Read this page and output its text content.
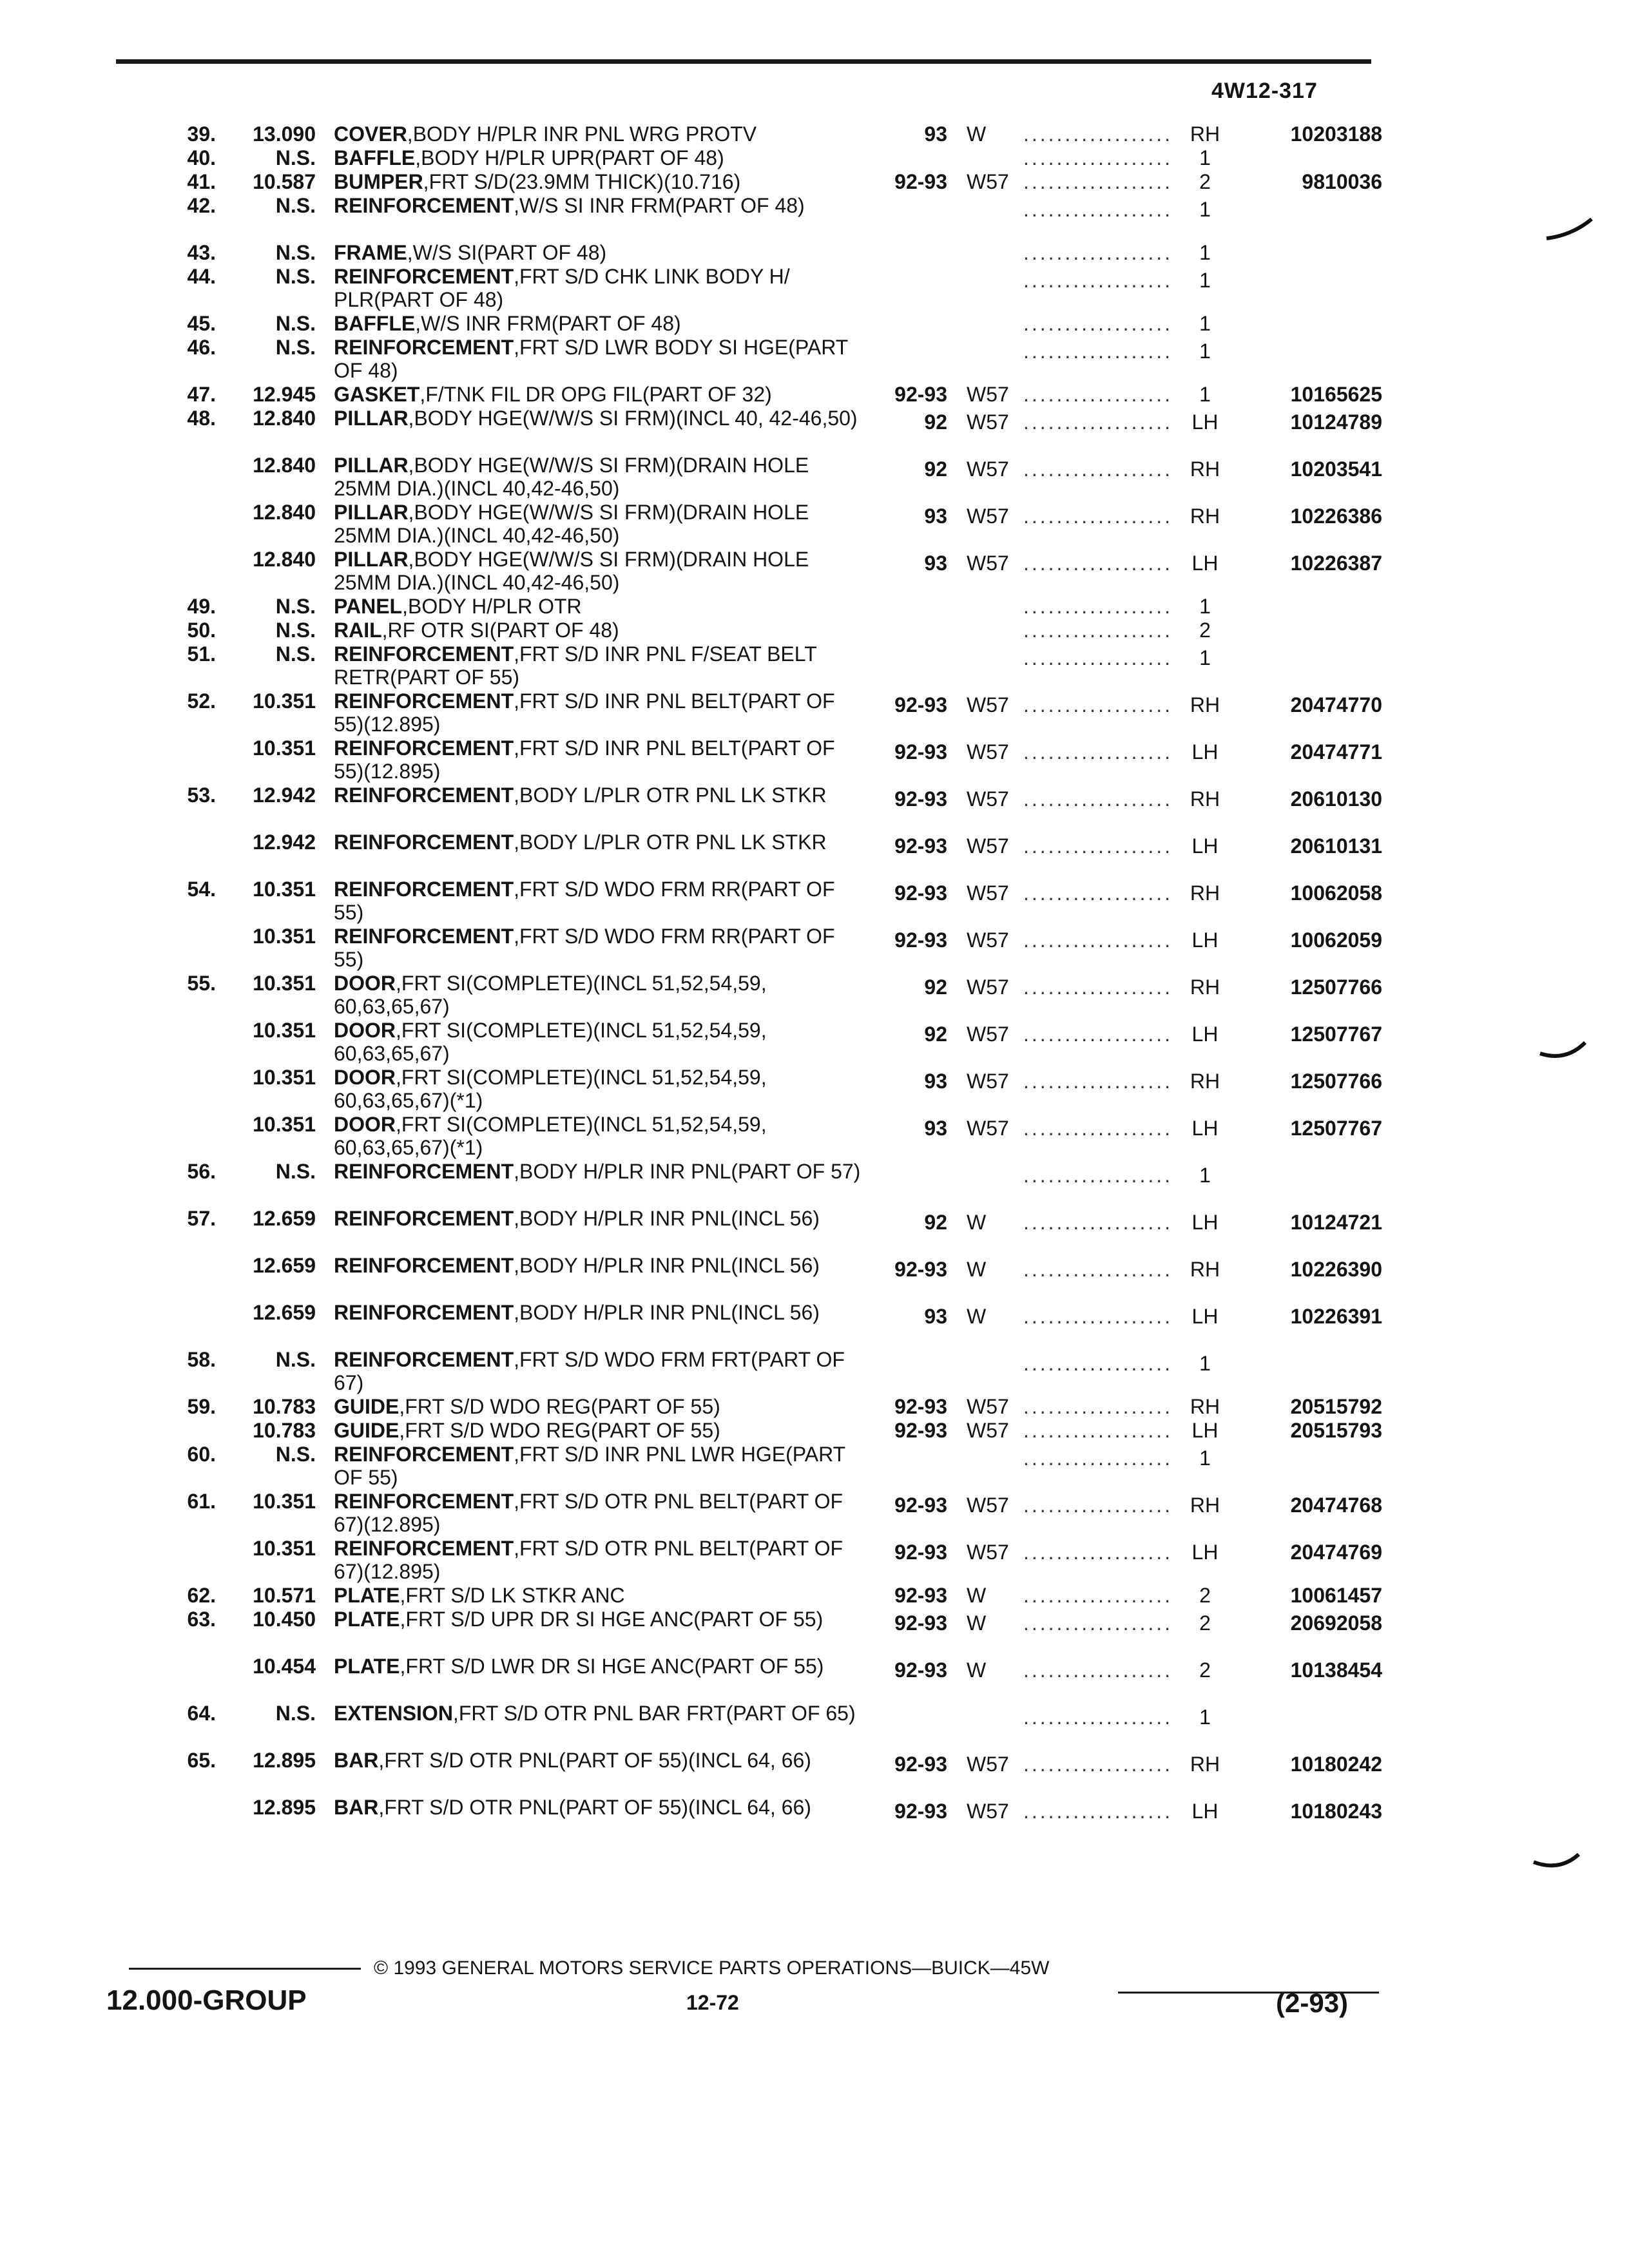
4W12-317
39.	13.090 COVER,BODY H/PLR INR PNL WRG PROTV	93 W	.................. RH	10203188
40.	N.S. BAFFLE,BODY H/PLR UPR(PART OF 48)	..................	1
41.	10.587 BUMPER,FRT S/D(23.9MM THICK)(10.716)	92-93 W57 ..................	2	9810036
42.	N.S. REINFORCEMENT,W/S SI INR FRM(PART OF 48)	..................	1
43.	N.S. FRAME,W/S SI(PART OF 48)	..................	1
44.	N.S. REINFORCEMENT,FRT S/D CHK LINK BODY H/ PLR(PART OF 48)
..................	1
45.	N.S. BAFFLE,W/S INR FRM(PART OF 48)	..................	1
46.	N.S. REINFORCEMENT,FRT S/D LWR BODY SI HGE(PART OF 48)
..................	1
47.	12.945 GASKET,F/TNK FIL DR OPG FIL(PART OF 32)	92-93 W57 ..................	1	10165625
48.	12.840 PILLAR,BODY HGE(W/W/S SI FRM)(INCL 40, 42-46,50)	92 W57 .................. LH	10124789
12.840 PILLAR,BODY HGE(W/W/S SI FRM)(DRAIN HOLE 25MM DIA.)(INCL 40,42-46,50)
92 W57 .................. RH	10203541
12.840 PILLAR,BODY HGE(W/W/S SI FRM)(DRAIN HOLE 25MM DIA.)(INCL 40,42-46,50)
93 W57 .................. RH	10226386
12.840 PILLAR,BODY HGE(W/W/S SI FRM)(DRAIN HOLE 25MM DIA.)(INCL 40,42-46,50)
93 W57 .................. LH	10226387
49.	N.S. PANEL,BODY H/PLR OTR	..................	1
50.	N.S. RAIL,RF OTR SI(PART OF 48)	..................	2
51.	N.S. REINFORCEMENT,FRT S/D INR PNL F/SEAT BELT RETR(PART OF 55)
..................	1
52.	10.351 REINFORCEMENT,FRT S/D INR PNL BELT(PART OF 55)(12.895)
92-93 W57 .................. RH	20474770
10.351 REINFORCEMENT,FRT S/D INR PNL BELT(PART OF 55)(12.895)
92-93 W57 .................. LH	20474771
53.	12.942 REINFORCEMENT,BODY L/PLR OTR PNL LK STKR	92-93 W57 .................. RH	20610130
12.942 REINFORCEMENT,BODY L/PLR OTR PNL LK STKR	92-93 W57 .................. LH	20610131
54.	10.351 REINFORCEMENT,FRT S/D WDO FRM RR(PART OF 55)
92-93 W57 .................. RH	10062058
10.351 REINFORCEMENT,FRT S/D WDO FRM RR(PART OF 55)
92-93 W57 .................. LH	10062059
55.	10.351 DOOR,FRT SI(COMPLETE)(INCL 51,52,54,59, 60,63,65,67)
92 W57 .................. RH	12507766
10.351 DOOR,FRT SI(COMPLETE)(INCL 51,52,54,59, 60,63,65,67)
92 W57 .................. LH	12507767
10.351 DOOR,FRT SI(COMPLETE)(INCL 51,52,54,59, 60,63,65,67)(*1)
93 W57 .................. RH	12507766
10.351 DOOR,FRT SI(COMPLETE)(INCL 51,52,54,59, 60,63,65,67)(*1)
93 W57 .................. LH	12507767
56.	N.S. REINFORCEMENT,BODY H/PLR INR PNL(PART OF 57)	..................	1
57.	12.659 REINFORCEMENT,BODY H/PLR INR PNL(INCL 56)	92 W	.................. LH	10124721
12.659 REINFORCEMENT,BODY H/PLR INR PNL(INCL 56)	92-93 W	.................. RH	10226390
12.659 REINFORCEMENT,BODY H/PLR INR PNL(INCL 56)	93 W	.................. LH	10226391
58.	N.S. REINFORCEMENT,FRT S/D WDO FRM FRT(PART OF 67)
..................	1
59.	10.783 GUIDE,FRT S/D WDO REG(PART OF 55)	92-93 W57 .................. RH	20515792
10.783 GUIDE,FRT S/D WDO REG(PART OF 55)	92-93 W57 .................. LH	20515793
60.	N.S. REINFORCEMENT,FRT S/D INR PNL LWR HGE(PART OF 55)
..................	1
61.	10.351 REINFORCEMENT,FRT S/D OTR PNL BELT(PART OF 67)(12.895)
92-93 W57 .................. RH	20474768
10.351 REINFORCEMENT,FRT S/D OTR PNL BELT(PART OF 67)(12.895)
92-93 W57 .................. LH	20474769
62.	10.571 PLATE,FRT S/D LK STKR ANC	92-93 W	..................	2	10061457
63.	10.450 PLATE,FRT S/D UPR DR SI HGE ANC(PART OF 55)	92-93 W	..................	2	20692058
10.454 PLATE,FRT S/D LWR DR SI HGE ANC(PART OF 55)	92-93 W	..................	2	10138454
64.	N.S. EXTENSION,FRT S/D OTR PNL BAR FRT(PART OF 65)	..................	1
65.	12.895 BAR,FRT S/D OTR PNL(PART OF 55)(INCL 64, 66)	92-93 W57 .................. RH	10180242
12.895 BAR,FRT S/D OTR PNL(PART OF 55)(INCL 64, 66)	92-93 W57 .................. LH	10180243
© 1993 GENERAL MOTORS SERVICE PARTS OPERATIONS—BUICK—45W
12.000-GROUP	12-72	(2-93)
